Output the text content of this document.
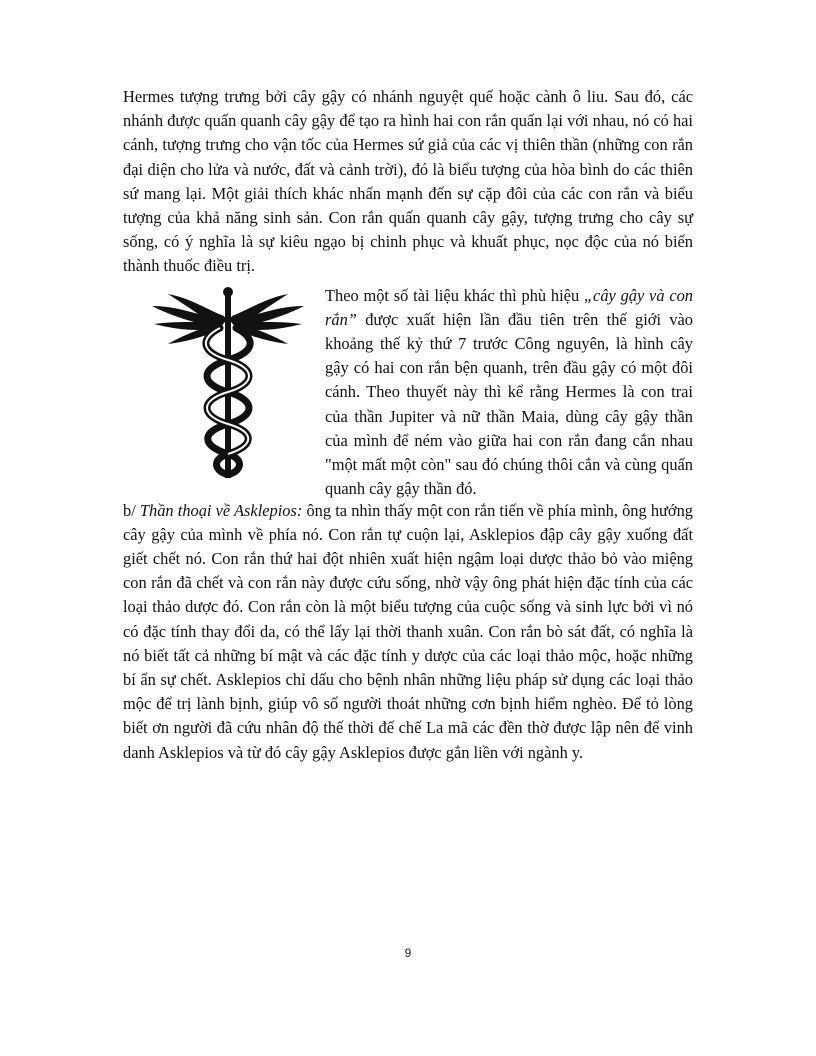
Hermes tượng trưng bởi cây gậy có nhánh nguyệt quế hoặc cành ô liu. Sau đó, các nhánh được quấn quanh cây gậy để tạo ra hình hai con rắn quấn lại với nhau, nó có hai cánh, tượng trưng cho vận tốc của Hermes sứ giả của các vị thiên thần (những con rắn đại diện cho lửa và nước, đất và cảnh trời), đó là biểu tượng của hòa bình do các thiên sứ mang lại. Một giải thích khác nhấn mạnh đến sự cặp đôi của các con rắn và biểu tượng của khả năng sinh sản. Con rắn quấn quanh cây gậy, tượng trưng cho cây sự sống, có ý nghĩa là sự kiêu ngạo bị chinh phục và khuất phục, nọc độc của nó biến thành thuốc điều trị.

Theo một số tài liệu khác thì phù hiệu „cây gậy và con rắn” được xuất hiện lần đầu tiên trên thế giới vào khoảng thế kỷ thứ 7 trước Công nguyên, là hình cây gậy có hai con rắn bện quanh, trên đầu gậy có một đôi cánh. Theo thuyết này thì kể rằng Hermes là con trai của thần Jupiter và nữ thần Maia, dùng cây gậy thần của mình để ném vào giữa hai con rắn đang cắn nhau "một mất một còn" sau đó chúng thôi cắn và cùng quấn quanh cây gậy thần đó.

b/ Thần thoại về Asklepios: ông ta nhìn thấy một con rắn tiến về phía mình, ông hướng cây gậy của mình về phía nó. Con rắn tự cuộn lại, Asklepios đập cây gậy xuống đất giết chết nó. Con rắn thứ hai đột nhiên xuất hiện ngậm loại dược thảo bỏ vào miệng con rắn đã chết và con rắn này được cứu sống, nhờ vậy ông phát hiện đặc tính của các loại thảo dược đó. Con rắn còn là một biểu tượng của cuộc sống và sinh lực bởi vì nó có đặc tính thay đổi da, có thể lấy lại thời thanh xuân. Con rắn bò sát đất, có nghĩa là nó biết tất cả những bí mật và các đặc tính y dược của các loại thảo mộc, hoặc những bí ẩn sự chết. Asklepios chỉ dấu cho bệnh nhân những liệu pháp sử dụng các loại thảo mộc để trị lành bịnh, giúp vô số người thoát những cơn bịnh hiểm nghèo. Để tỏ lòng biết ơn người đã cứu nhân độ thế thời đế chế La mã các đền thờ được lập nên để vinh danh Asklepios và từ đó cây gậy Asklepios được gắn liền với ngành y.

9
